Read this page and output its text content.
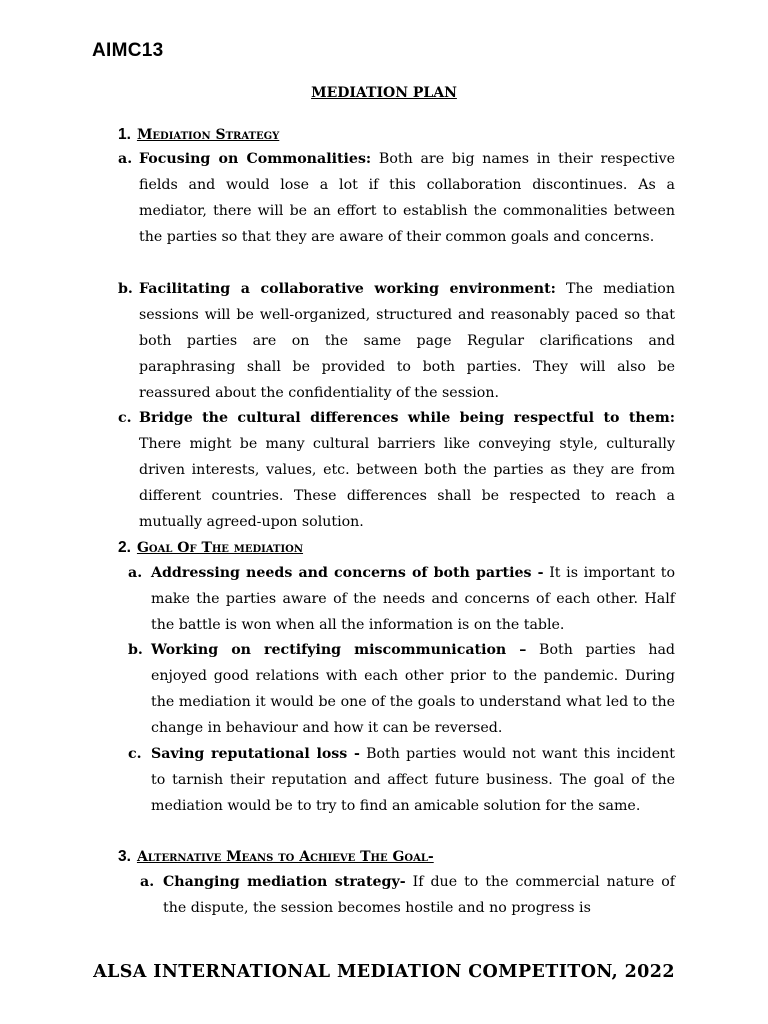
AIMC13
MEDIATION PLAN
1. Mediation Strategy
a. Focusing on Commonalities: Both are big names in their respective fields and would lose a lot if this collaboration discontinues. As a mediator, there will be an effort to establish the commonalities between the parties so that they are aware of their common goals and concerns.
b. Facilitating a collaborative working environment: The mediation sessions will be well-organized, structured and reasonably paced so that both parties are on the same page Regular clarifications and paraphrasing shall be provided to both parties. They will also be reassured about the confidentiality of the session.
c. Bridge the cultural differences while being respectful to them: There might be many cultural barriers like conveying style, culturally driven interests, values, etc. between both the parties as they are from different countries. These differences shall be respected to reach a mutually agreed-upon solution.
2. Goal Of The mediation
a. Addressing needs and concerns of both parties - It is important to make the parties aware of the needs and concerns of each other. Half the battle is won when all the information is on the table.
b. Working on rectifying miscommunication – Both parties had enjoyed good relations with each other prior to the pandemic. During the mediation it would be one of the goals to understand what led to the change in behaviour and how it can be reversed.
c. Saving reputational loss - Both parties would not want this incident to tarnish their reputation and affect future business. The goal of the mediation would be to try to find an amicable solution for the same.
3. Alternative Means to Achieve The Goal-
a. Changing mediation strategy- If due to the commercial nature of the dispute, the session becomes hostile and no progress is
ALSA INTERNATIONAL MEDIATION COMPETITON, 2022
